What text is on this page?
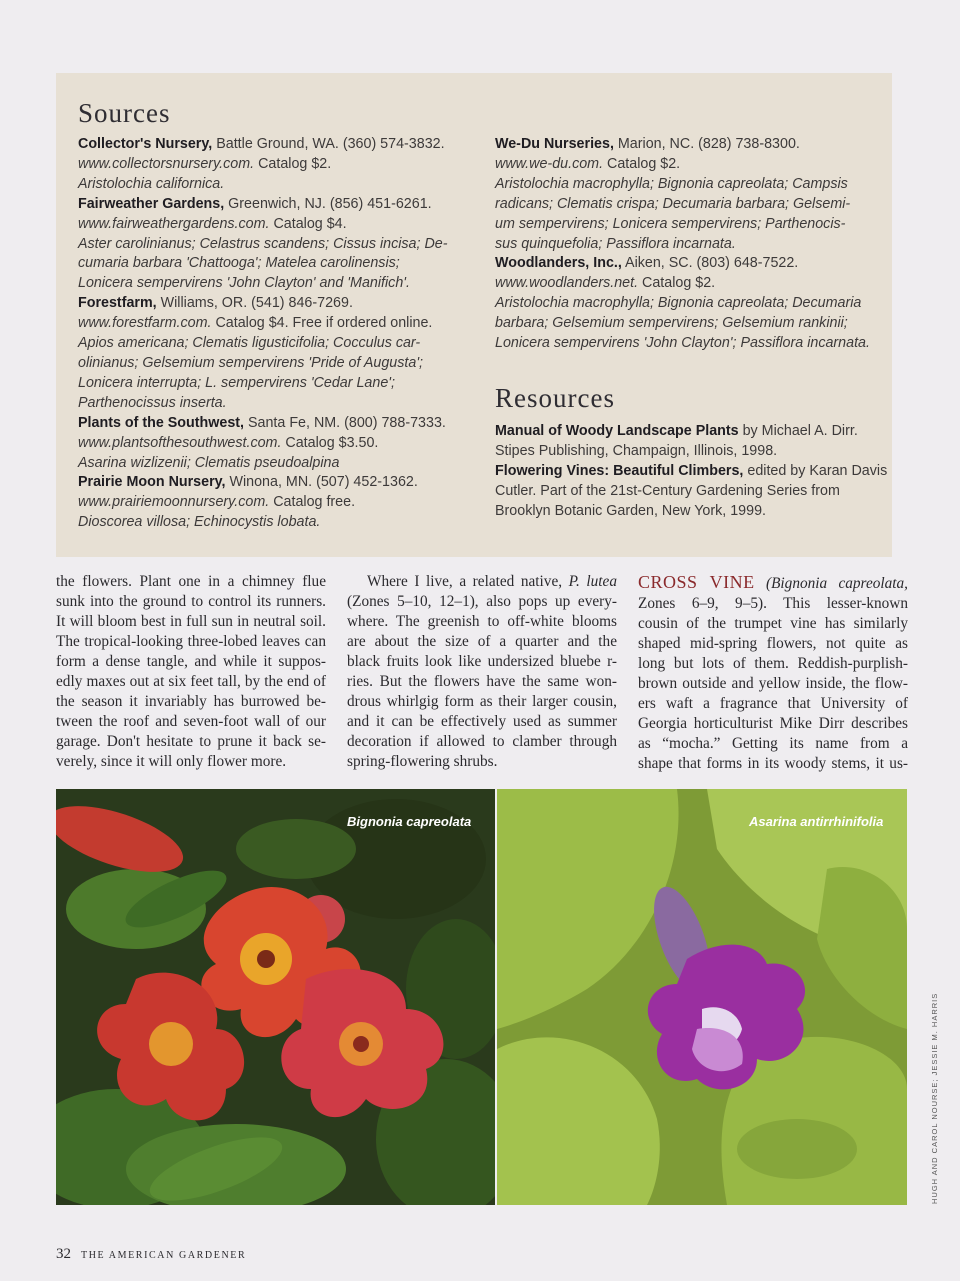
Sources
Collector's Nursery, Battle Ground, WA. (360) 574-3832.
www.collectorsnursery.com. Catalog $2.
Aristolochia californica.
Fairweather Gardens, Greenwich, NJ. (856) 451-6261.
www.fairweathergardens.com. Catalog $4.
Aster carolinianus; Celastrus scandens; Cissus incisa; De-
cumaria barbara 'Chattooga'; Matelea carolinensis;
Lonicera sempervirens 'John Clayton' and 'Manifich'.
Forestfarm, Williams, OR. (541) 846-7269.
www.forestfarm.com. Catalog $4. Free if ordered online.
Apios americana; Clematis ligusticifolia; Cocculus car-
olinianus; Gelsemium sempervirens 'Pride of Augusta';
Lonicera interrupta; L. sempervirens 'Cedar Lane';
Parthenocissus inserta.
Plants of the Southwest, Santa Fe, NM. (800) 788-7333.
www.plantsofthesouthwest.com. Catalog $3.50.
Asarina wizlizenii; Clematis pseudoalpina
Prairie Moon Nursery, Winona, MN. (507) 452-1362.
www.prairiemoonnursery.com. Catalog free.
Dioscorea villosa; Echinocystis lobata.
We-Du Nurseries, Marion, NC. (828) 738-8300.
www.we-du.com. Catalog $2.
Aristolochia macrophylla; Bignonia capreolata; Campsis
radicans; Clematis crispa; Decumaria barbara; Gelsemi-
um sempervirens; Lonicera sempervirens; Parthenocis-
sus quinquefolia; Passiflora incarnata.
Woodlanders, Inc., Aiken, SC. (803) 648-7522.
www.woodlanders.net. Catalog $2.
Aristolochia macrophylla; Bignonia capreolata; Decumaria
barbara; Gelsemium sempervirens; Gelsemium rankinii;
Lonicera sempervirens 'John Clayton'; Passiflora incarnata.
Resources
Manual of Woody Landscape Plants by Michael A. Dirr.
Stipes Publishing, Champaign, Illinois, 1998.
Flowering Vines: Beautiful Climbers, edited by Karan Davis
Cutler. Part of the 21st-Century Gardening Series from
Brooklyn Botanic Garden, New York, 1999.
the flowers. Plant one in a chimney flue
sunk into the ground to control its runners.
It will bloom best in full sun in neutral soil.
The tropical-looking three-lobed leaves can
form a dense tangle, and while it suppos-
edly maxes out at six feet tall, by the end of
the season it invariably has burrowed be-
tween the roof and seven-foot wall of our
garage. Don't hesitate to prune it back se-
verely, since it will only flower more.
Where I live, a related native, P. lutea
(Zones 5–10, 12–1), also pops up every-
where. The greenish to off-white blooms
are about the size of a quarter and the
black fruits look like undersized bluebe r-
ries. But the flowers have the same won-
drous whirlgig form as their larger cousin,
and it can be effectively used as summer
decoration if allowed to clamber through
spring-flowering shrubs.
CROSS VINE (Bignonia capreolata,
Zones 6–9, 9–5). This lesser-known
cousin of the trumpet vine has similarly
shaped mid-spring flowers, not quite as
long but lots of them. Reddish-purplish-
brown outside and yellow inside, the flow-
ers waft a fragrance that University of
Georgia horticulturist Mike Dirr describes
as “mocha.” Getting its name from a
shape that forms in its woody stems, it us-
Bignonia capreolata	Asarina antirrhinifolia
HUGH AND CAROL NOURSE; JESSIE M. HARRIS
32 THE AMERICAN GARDENER
